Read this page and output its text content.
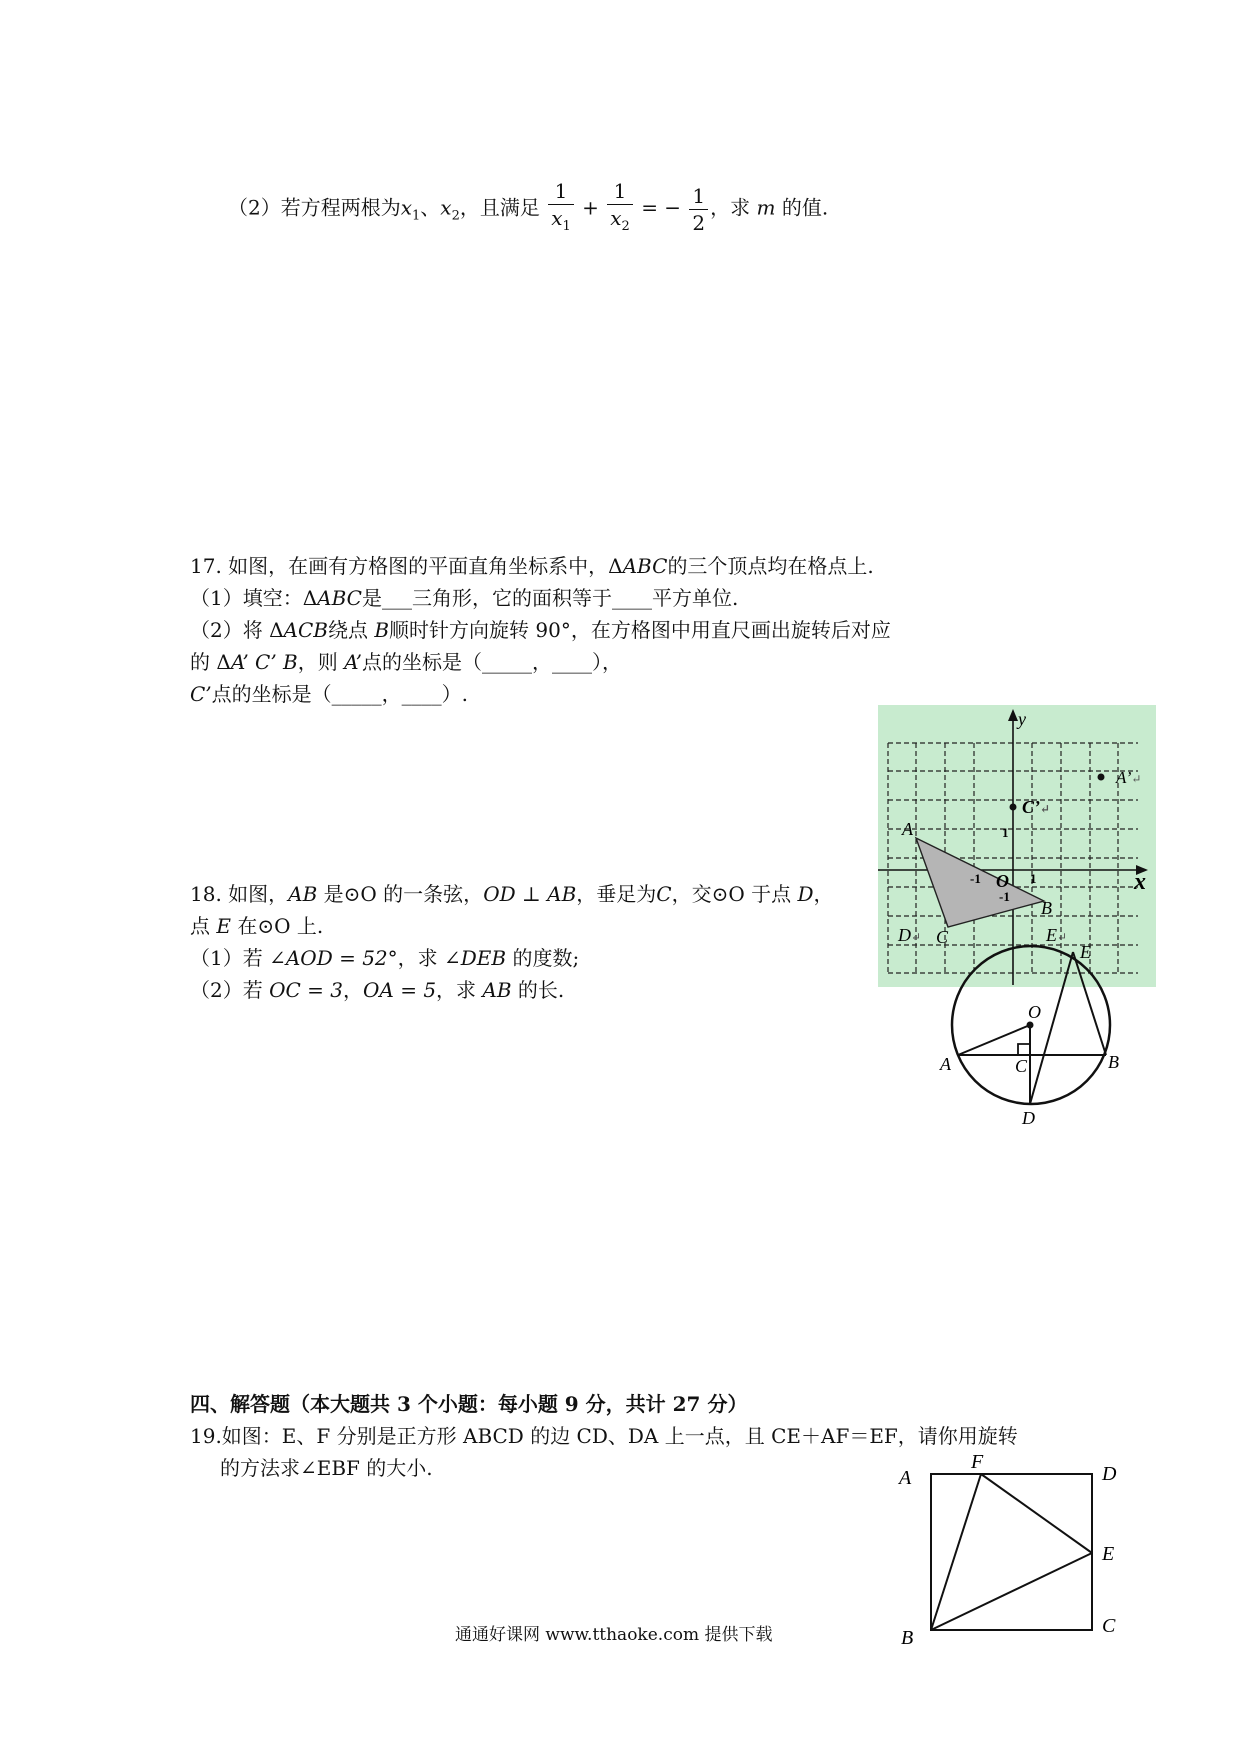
（2）若方程两根为$x_1$、$x_2$，且满足 $\frac{1}{x_1} + \frac{1}{x_2}$ = − $\frac{1}{2}$ ，求 m 的值.
17. 如图，在画有方格图的平面直角坐标系中，ΔABC的三个顶点均在格点上.
（1）填空：ΔABC是___三角形，它的面积等于____平方单位.
（2）将 ΔACB绕点 B顺时针方向旋转 90°，在方格图中用直尺画出旋转后对应
的 ΔA’ C’ B，则 A’点的坐标是（_____，____），
C’点的坐标是（_____，____）.
y
x
A
B
C
D↵	E↵
O
C’↵
A’↵
1
1
-1
-1
18. 如图，AB 是⊙O 的一条弦，OD ⊥ AB，垂足为C，交⊙O 于点 D，
点 E 在⊙O 上.
（1）若 ∠AOD = 52°，求 ∠DEB 的度数;
（2）若 OC = 3，OA = 5，求 AB 的长.
O
A	B
C
D
E
四、解答题（本大题共 3 个小题：每小题 9 分，共计 27 分）
19.如图：E、F 分别是正方形 ABCD 的边 CD、DA 上一点，且 CE＋AF＝EF，请你用旋转
的方法求∠EBF 的大小.	A
B
C
D
E
F
通通好课网 www.tthaoke.com 提供下载
